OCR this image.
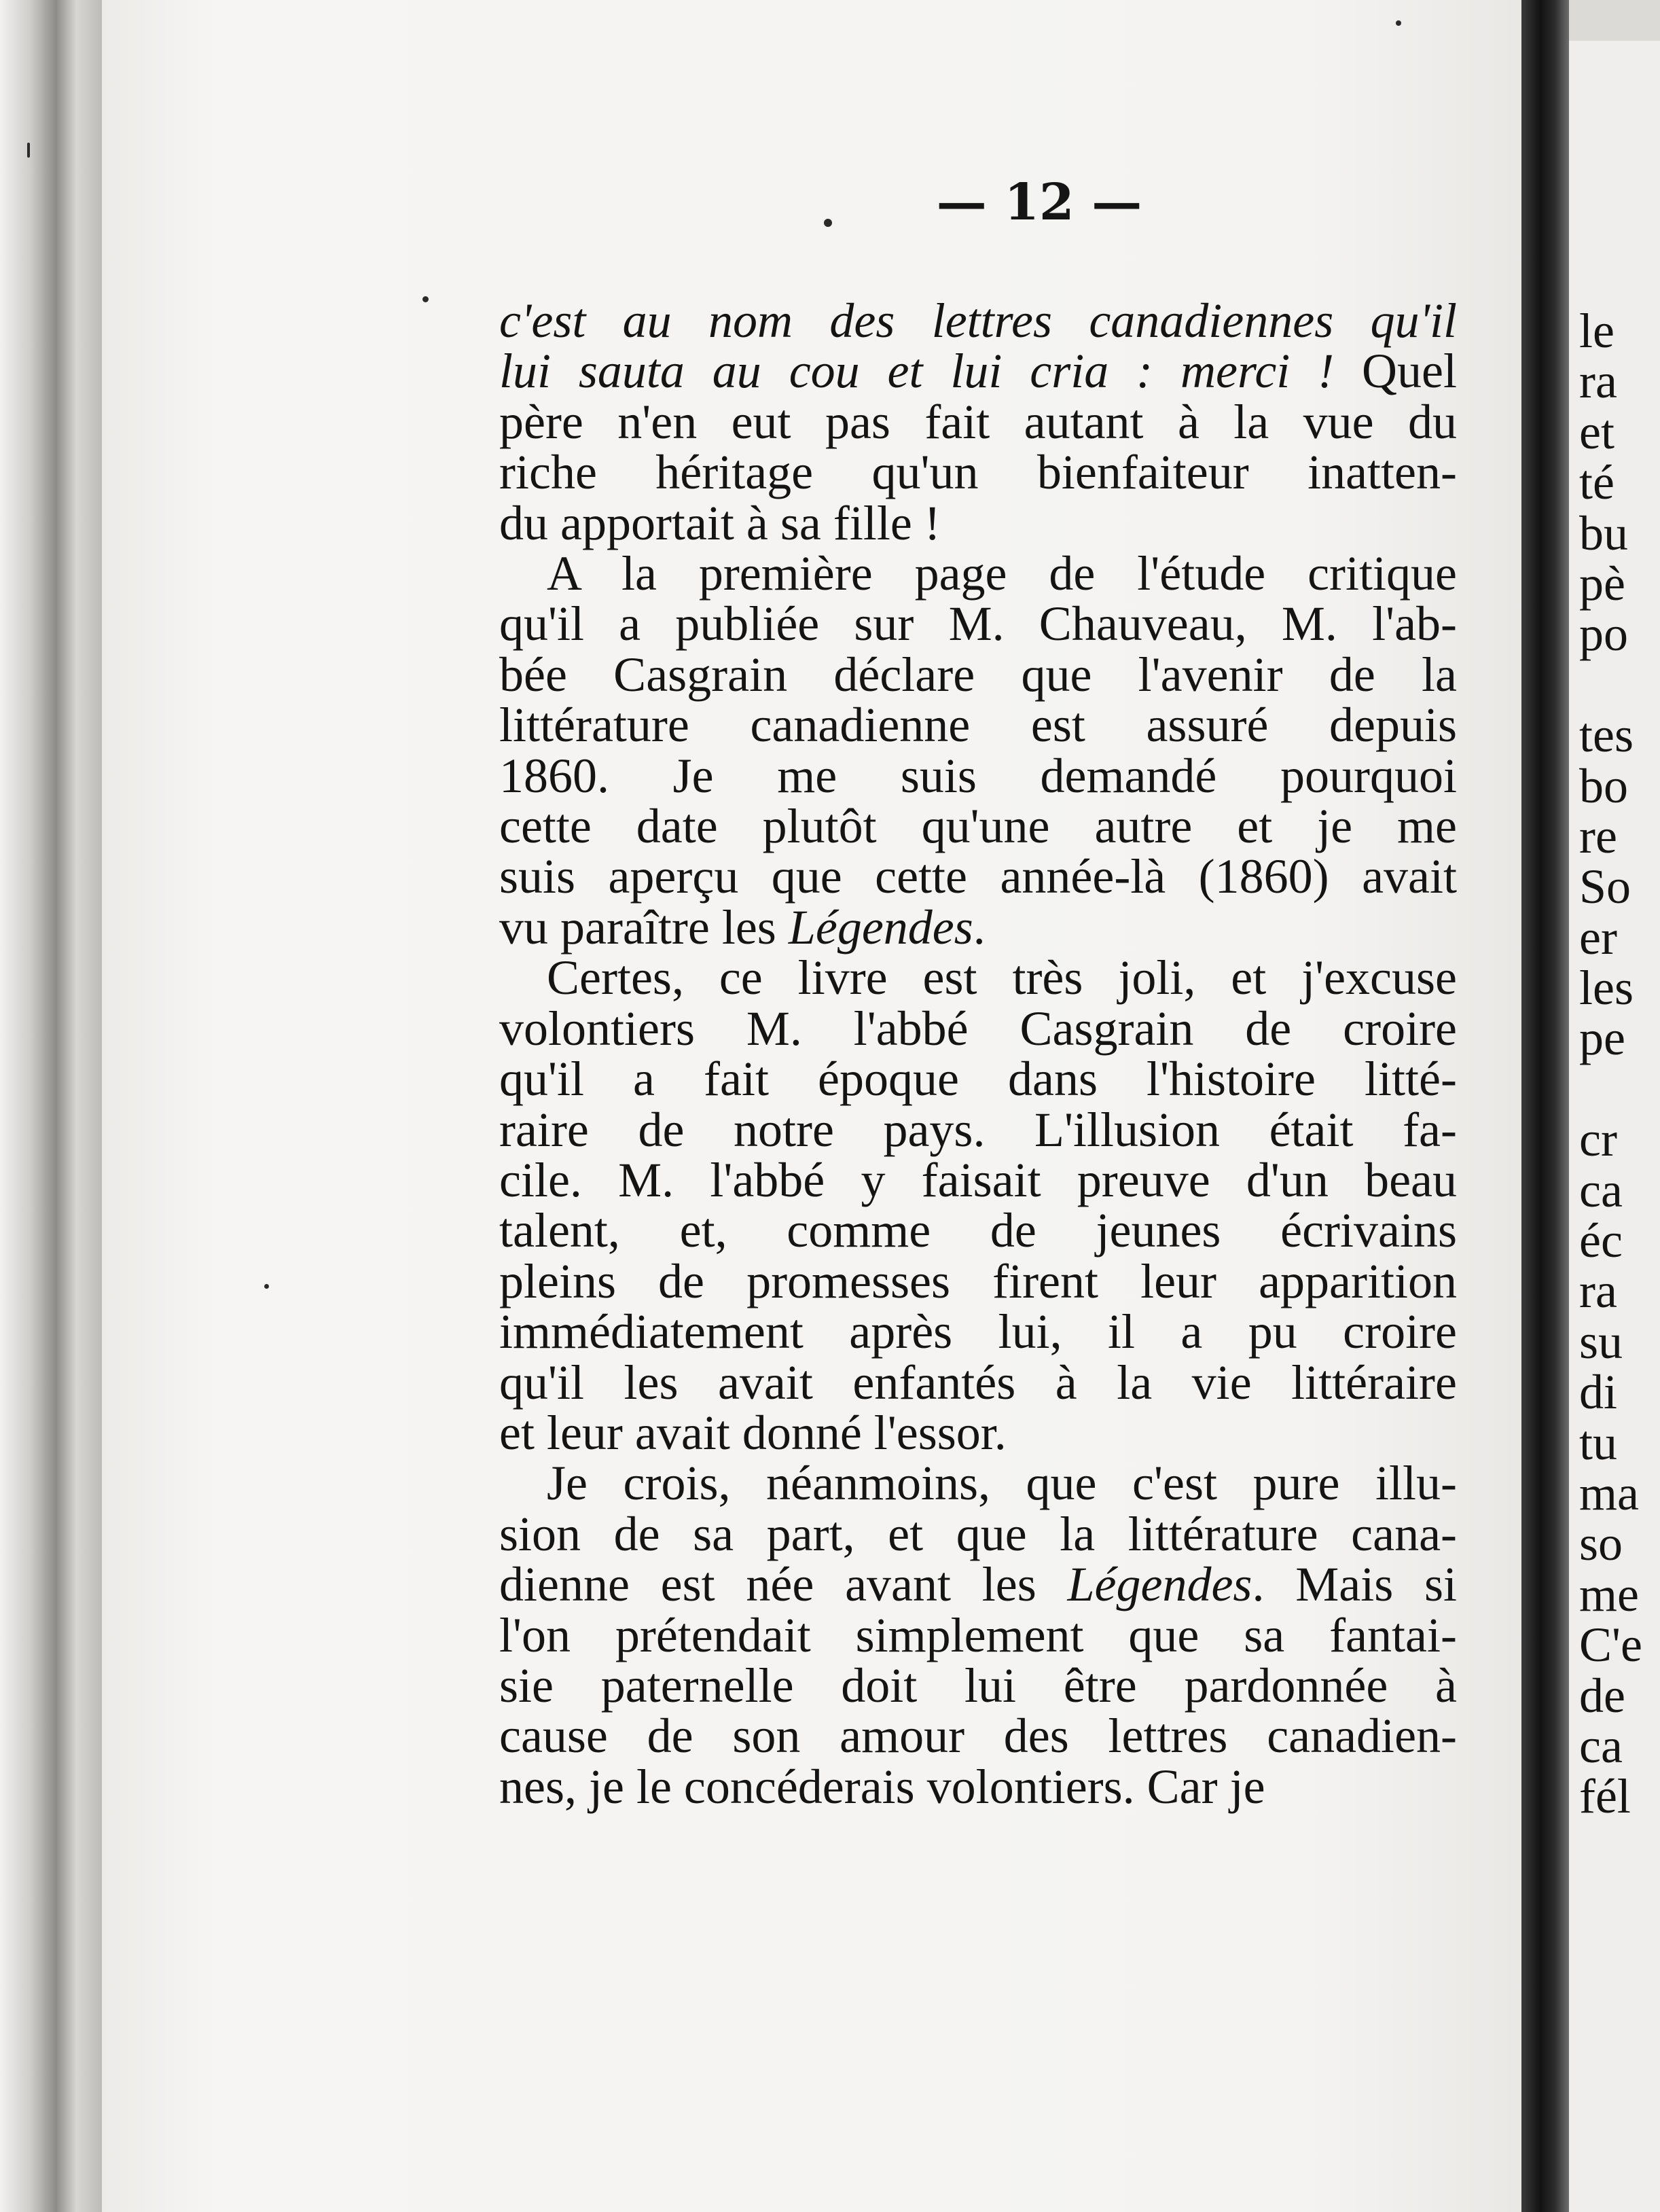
— 12 —
c'est au nom des lettres canadiennes qu'il
lui sauta au cou et lui cria : merci ! Quel
père n'en eut pas fait autant à la vue du
riche héritage qu'un bienfaiteur inatten-
du apportait à sa fille !
A la première page de l'étude critique
qu'il a publiée sur M. Chauveau, M. l'ab-
bée Casgrain déclare que l'avenir de la
littérature canadienne est assuré depuis
1860. Je me suis demandé pourquoi
cette date plutôt qu'une autre et je me
suis aperçu que cette année-là (1860) avait
vu paraître les Légendes.
Certes, ce livre est très joli, et j'excuse
volontiers M. l'abbé Casgrain de croire
qu'il a fait époque dans l'histoire litté-
raire de notre pays. L'illusion était fa-
cile. M. l'abbé y faisait preuve d'un beau
talent, et, comme de jeunes écrivains
pleins de promesses firent leur apparition
immédiatement après lui, il a pu croire
qu'il les avait enfantés à la vie littéraire
et leur avait donné l'essor.
Je crois, néanmoins, que c'est pure illu-
sion de sa part, et que la littérature cana-
dienne est née avant les Légendes. Mais si
l'on prétendait simplement que sa fantai-
sie paternelle doit lui être pardonnée à
cause de son amour des lettres canadien-
nes, je le concéderais volontiers. Car je
le
ra
et
té
bu
pè
po
tes
bo
re
So
er
les
pe
cr
ca
éc
ra
su
di
tu
ma
so
me
C'e
de
ca
fél
